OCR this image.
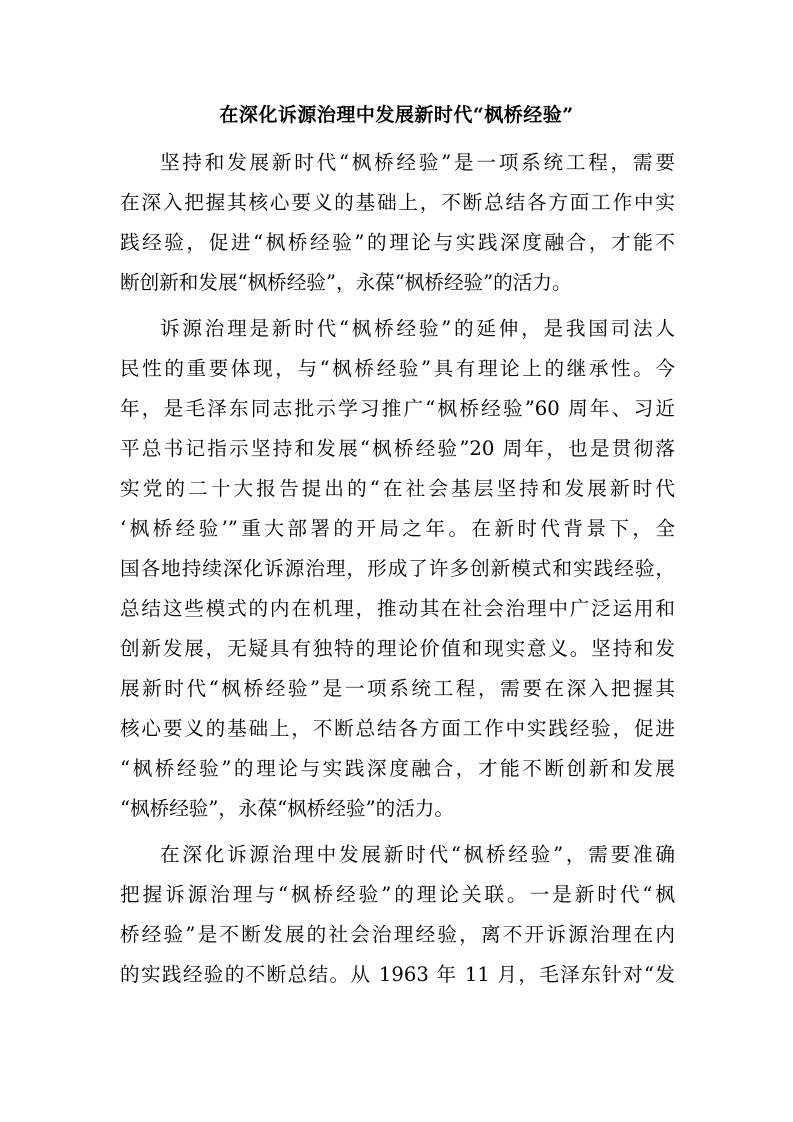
在深化诉源治理中发展新时代“枫桥经验”
坚持和发展新时代“枫桥经验”是一项系统工程，需要
在深入把握其核心要义的基础上，不断总结各方面工作中实
践经验，促进“枫桥经验”的理论与实践深度融合，才能不
断创新和发展“枫桥经验”，永葆“枫桥经验”的活力。
诉源治理是新时代“枫桥经验”的延伸，是我国司法人
民性的重要体现，与“枫桥经验”具有理论上的继承性。今
年，是毛泽东同志批示学习推广“枫桥经验”60 周年、习近
平总书记指示坚持和发展“枫桥经验”20 周年，也是贯彻落
实党的二十大报告提出的“在社会基层坚持和发展新时代
‘枫桥经验’”重大部署的开局之年。在新时代背景下，全
国各地持续深化诉源治理，形成了许多创新模式和实践经验，
总结这些模式的内在机理，推动其在社会治理中广泛运用和
创新发展，无疑具有独特的理论价值和现实意义。坚持和发
展新时代“枫桥经验”是一项系统工程，需要在深入把握其
核心要义的基础上，不断总结各方面工作中实践经验，促进
“枫桥经验”的理论与实践深度融合，才能不断创新和发展
“枫桥经验”，永葆“枫桥经验”的活力。
在深化诉源治理中发展新时代“枫桥经验”，需要准确
把握诉源治理与“枫桥经验”的理论关联。一是新时代“枫
桥经验”是不断发展的社会治理经验，离不开诉源治理在内
的实践经验的不断总结。从 1963 年 11 月，毛泽东针对“发
